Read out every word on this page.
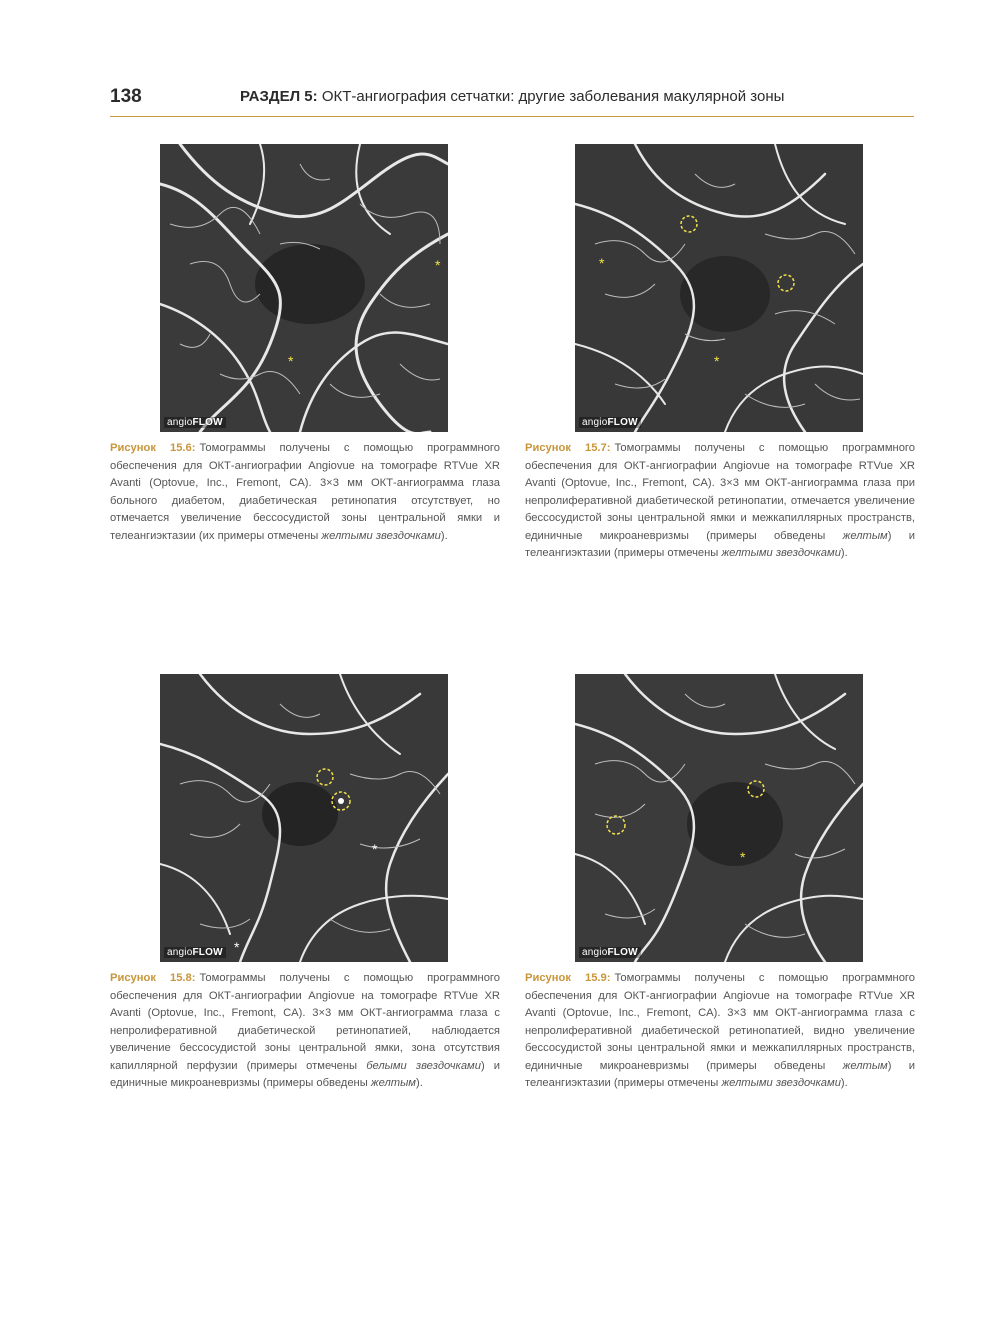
138	РАЗДЕЛ 5: ОКТ-ангиография сетчатки: другие заболевания макулярной зоны
*
*
angioFLOW
Рисунок 15.6: Томограммы получены с помощью программного обеспечения для ОКТ-ангиографии Angiovue на томографе RTVue XR Avanti (Optovue, Inc., Fremont, CA). 3×3 мм ОКТ-ангиограмма глаза больного диабетом, диабетическая ретинопатия отсутствует, но отмечается увеличение бессосудистой зоны центральной ямки и телеангиэктазии (их примеры отмечены желтыми звездочками).
*
*
angioFLOW
Рисунок 15.7: Томограммы получены с помощью программного обеспечения для ОКТ-ангиографии Angiovue на томографе RTVue XR Avanti (Optovue, Inc., Fremont, CA). 3×3 мм ОКТ-ангиограмма глаза при непролиферативной диабетической ретинопатии, отмечается увеличение бессосудистой зоны центральной ямки и межкапиллярных пространств, единичные микроаневризмы (примеры обведены желтым) и телеангиэктазии (примеры отмечены желтыми звездочками).
*
*
angioFLOW
Рисунок 15.8: Томограммы получены с помощью программного обеспечения для ОКТ-ангиографии Angiovue на томографе RTVue XR Avanti (Optovue, Inc., Fremont, CA). 3×3 мм ОКТ-ангиограмма глаза с непролиферативной диабетической ретинопатией, наблюдается увеличение бессосудистой зоны центральной ямки, зона отсутствия капиллярной перфузии (примеры отмечены белыми звездочками) и единичные микроаневризмы (примеры обведены желтым).
*
angioFLOW
Рисунок 15.9: Томограммы получены с помощью программного обеспечения для ОКТ-ангиографии Angiovue на томографе RTVue XR Avanti (Optovue, Inc., Fremont, CA). 3×3 мм ОКТ-ангиограмма глаза с непролиферативной диабетической ретинопатией, видно увеличение бессосудистой зоны центральной ямки и межкапиллярных пространств, единичные микроаневризмы (примеры обведены желтым) и телеангиэктазии (примеры отмечены желтыми звездочками).
